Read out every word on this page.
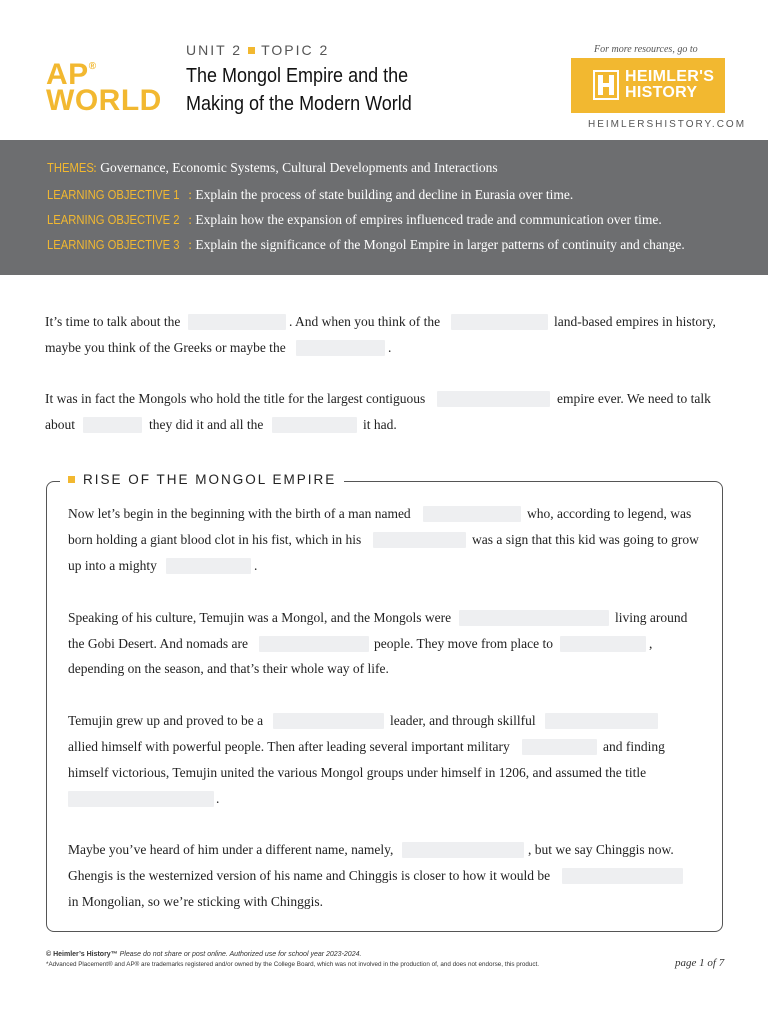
AP®
WORLD
UNIT 2 TOPIC 2
The Mongol Empire and the
Making of the Modern World
For more resources, go to
HEIMLER'S
HISTORY
HEIMLERSHISTORY.COM
THEMES: Governance, Economic Systems, Cultural Developments and Interactions
LEARNING OBJECTIVE 1 : Explain the process of state building and decline in Eurasia over time.
LEARNING OBJECTIVE 2 : Explain how the expansion of empires influenced trade and communication over time.
LEARNING OBJECTIVE 3 : Explain the significance of the Mongol Empire in larger patterns of continuity and change.
It’s time to talk about the	. And when you think of the	land-based empires in history,
maybe you think of the Greeks or maybe the	.
It was in fact the Mongols who hold the title for the largest contiguous	empire ever. We need to talk
about	they did it and all the	it had.
RISE OF THE MONGOL EMPIRE
Now let’s begin in the beginning with the birth of a man named	who, according to legend, was
born holding a giant blood clot in his fist, which in his	was a sign that this kid was going to grow
up into a mighty	.
Speaking of his culture, Temujin was a Mongol, and the Mongols were	living around
the Gobi Desert. And nomads are	people. They move from place to	,
depending on the season, and that’s their whole way of life.
Temujin grew up and proved to be a	leader, and through skillful
allied himself with powerful people. Then after leading several important military	and finding
himself victorious, Temujin united the various Mongol groups under himself in 1206, and assumed the title
.
Maybe you’ve heard of him under a different name, namely,	, but we say Chinggis now.
Ghengis is the westernized version of his name and Chinggis is closer to how it would be
in Mongolian, so we’re sticking with Chinggis.
© Heimler’s History™ Please do not share or post online. Authorized use for school year 2023-2024.
*Advanced Placement® and AP® are trademarks registered and/or owned by the College Board, which was not involved in the production of, and does not endorse, this product.	page 1 of 7
